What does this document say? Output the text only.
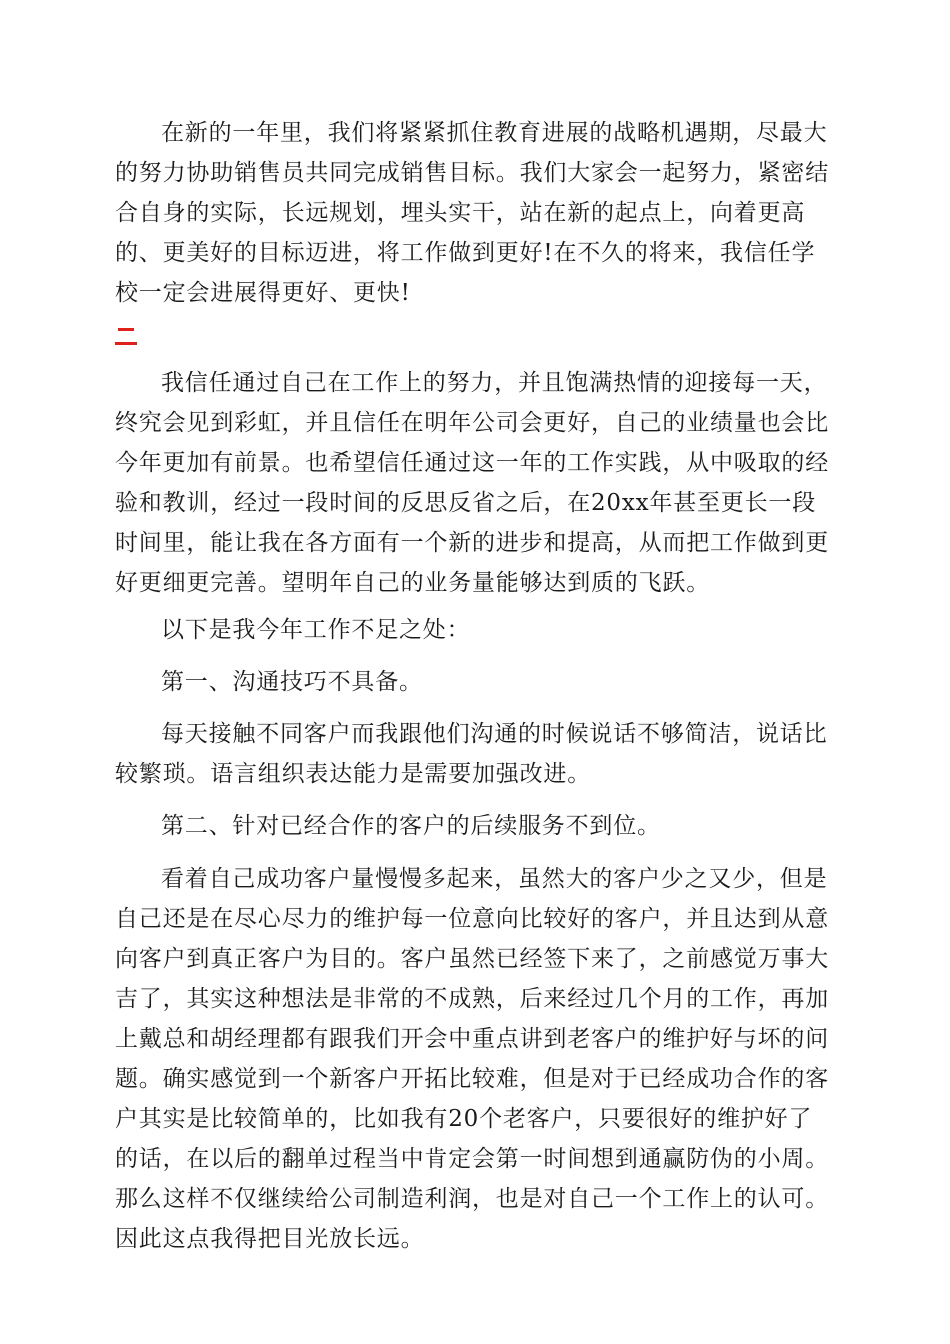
在新的一年里，我们将紧紧抓住教育进展的战略机遇期，尽最大的努力协助销售员共同完成销售目标。我们大家会一起努力，紧密结合自身的实际，长远规划，埋头实干，站在新的起点上，向着更高的、更美好的目标迈进，将工作做到更好!在不久的将来，我信任学校一定会进展得更好、更快!

我信任通过自己在工作上的努力，并且饱满热情的迎接每一天，终究会见到彩虹，并且信任在明年公司会更好，自己的业绩量也会比今年更加有前景。也希望信任通过这一年的工作实践，从中吸取的经验和教训，经过一段时间的反思反省之后，在20xx年甚至更长一段时间里，能让我在各方面有一个新的进步和提高，从而把工作做到更好更细更完善。望明年自己的业务量能够达到质的飞跃。

以下是我今年工作不足之处：

第一、沟通技巧不具备。

每天接触不同客户而我跟他们沟通的时候说话不够简洁，说话比较繁琐。语言组织表达能力是需要加强改进。

第二、针对已经合作的客户的后续服务不到位。

看着自己成功客户量慢慢多起来，虽然大的客户少之又少，但是自己还是在尽心尽力的维护每一位意向比较好的客户，并且达到从意向客户到真正客户为目的。客户虽然已经签下来了，之前感觉万事大吉了，其实这种想法是非常的不成熟，后来经过几个月的工作，再加上戴总和胡经理都有跟我们开会中重点讲到老客户的维护好与坏的问题。确实感觉到一个新客户开拓比较难，但是对于已经成功合作的客户其实是比较简单的，比如我有20个老客户，只要很好的维护好了的话，在以后的翻单过程当中肯定会第一时间想到通赢防伪的小周。那么这样不仅继续给公司制造利润，也是对自己一个工作上的认可。因此这点我得把目光放长远。
